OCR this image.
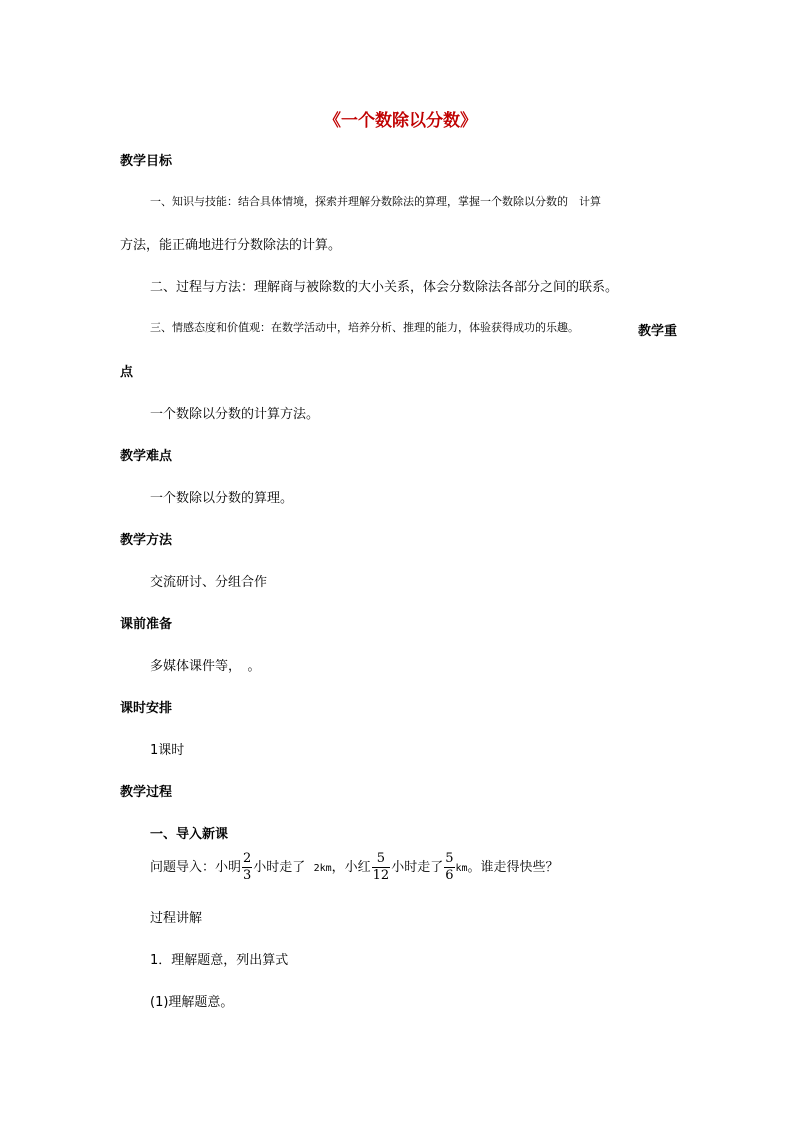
《一个数除以分数》
教学目标
一、知识与技能：结合具体情境，探索并理解分数除法的算理，掌握一个数除以分数的　计算
方法，能正确地进行分数除法的计算。
二、过程与方法：理解商与被除数的大小关系，体会分数除法各部分之间的联系。
三、情感态度和价值观：在数学活动中，培养分析、推理的能力，体验获得成功的乐趣。	教学重
点
一个数除以分数的计算方法。
教学难点
一个数除以分数的算理。
教学方法
交流研讨、分组合作
课前准备
多媒体课件等，　。
课时安排
1课时
教学过程
一、导入新课
问题导入：小明 $\frac{2}{3}$ 小时走了 2km，小红 $\frac{5}{12}$ 小时走了 $\frac{5}{6}$ km。谁走得快些？
过程讲解
1．理解题意，列出算式
(1)理解题意。
